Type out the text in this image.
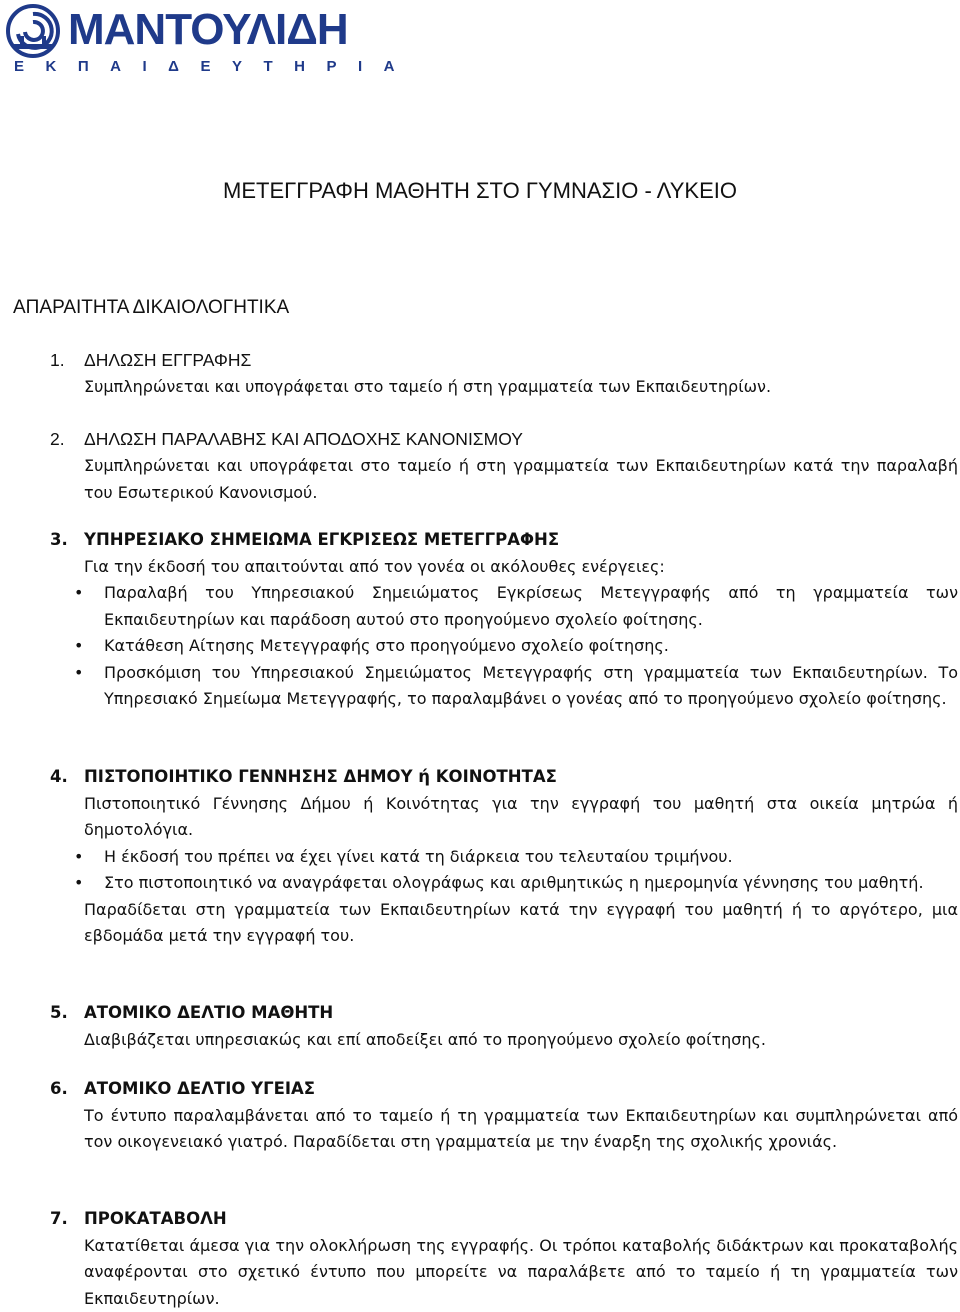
ΜΑΝΤΟΥΛΙΔΗ
ΕΚΠΑΙΔΕΥΤΗΡΙΑ
ΜΕΤΕΓΓΡΑΦΗ ΜΑΘΗΤΗ ΣΤΟ ΓΥΜΝΑΣΙΟ - ΛΥΚΕΙΟ
ΑΠΑΡΑΙΤΗΤΑ ΔΙΚΑΙΟΛΟΓΗΤΙΚΑ
1. ΔΗΛΩΣΗ ΕΓΓΡΑΦΗΣ
Συμπληρώνεται και υπογράφεται στο ταμείο ή στη γραμματεία των Εκπαιδευτηρίων.
2. ΔΗΛΩΣΗ ΠΑΡΑΛΑΒΗΣ ΚΑΙ ΑΠΟΔΟΧΗΣ ΚΑΝΟΝΙΣΜΟΥ
Συμπληρώνεται και υπογράφεται στο ταμείο ή στη γραμματεία των Εκπαιδευτηρίων κατά την παραλαβή του Εσωτερικού Κανονισμού.
3. ΥΠΗΡΕΣΙΑΚΟ ΣΗΜΕΙΩΜΑ ΕΓΚΡΙΣΕΩΣ ΜΕΤΕΓΓΡΑΦΗΣ
Για την έκδοσή του απαιτούνται από τον γονέα οι ακόλουθες ενέργειες:
• Παραλαβή του Υπηρεσιακού Σημειώματος Εγκρίσεως Μετεγγραφής από τη γραμματεία των Εκπαιδευτηρίων και παράδοση αυτού στο προηγούμενο σχολείο φοίτησης.
• Κατάθεση Αίτησης Μετεγγραφής στο προηγούμενο σχολείο φοίτησης.
• Προσκόμιση του Υπηρεσιακού Σημειώματος Μετεγγραφής στη γραμματεία των Εκπαιδευτηρίων. Το Υπηρεσιακό Σημείωμα Μετεγγραφής, το παραλαμβάνει ο γονέας από το προηγούμενο σχολείο φοίτησης.
4. ΠΙΣΤΟΠΟΙΗΤΙΚΟ ΓΕΝΝΗΣΗΣ ΔΗΜΟΥ ή ΚΟΙΝΟΤΗΤΑΣ
Πιστοποιητικό Γέννησης Δήμου ή Κοινότητας για την εγγραφή του μαθητή στα οικεία μητρώα ή δημοτολόγια.
• Η έκδοσή του πρέπει να έχει γίνει κατά τη διάρκεια του τελευταίου τριμήνου.
• Στο πιστοποιητικό να αναγράφεται ολογράφως και αριθμητικώς η ημερομηνία γέννησης του μαθητή.
Παραδίδεται στη γραμματεία των Εκπαιδευτηρίων κατά την εγγραφή του μαθητή ή το αργότερο, μια εβδομάδα μετά την εγγραφή του.
5. ΑΤΟΜΙΚΟ ΔΕΛΤΙΟ ΜΑΘΗΤΗ
Διαβιβάζεται υπηρεσιακώς και επί αποδείξει από το προηγούμενο σχολείο φοίτησης.
6. ΑΤΟΜΙΚΟ ΔΕΛΤΙΟ ΥΓΕΙΑΣ
Το έντυπο παραλαμβάνεται από το ταμείο ή τη γραμματεία των Εκπαιδευτηρίων και συμπληρώνεται από τον οικογενειακό γιατρό. Παραδίδεται στη γραμματεία με την έναρξη της σχολικής χρονιάς.
7. ΠΡΟΚΑΤΑΒΟΛΗ
Κατατίθεται άμεσα για την ολοκλήρωση της εγγραφής. Οι τρόποι καταβολής διδάκτρων και προκαταβολής αναφέρονται στο σχετικό έντυπο που μπορείτε να παραλάβετε από το ταμείο ή τη γραμματεία των Εκπαιδευτηρίων.
